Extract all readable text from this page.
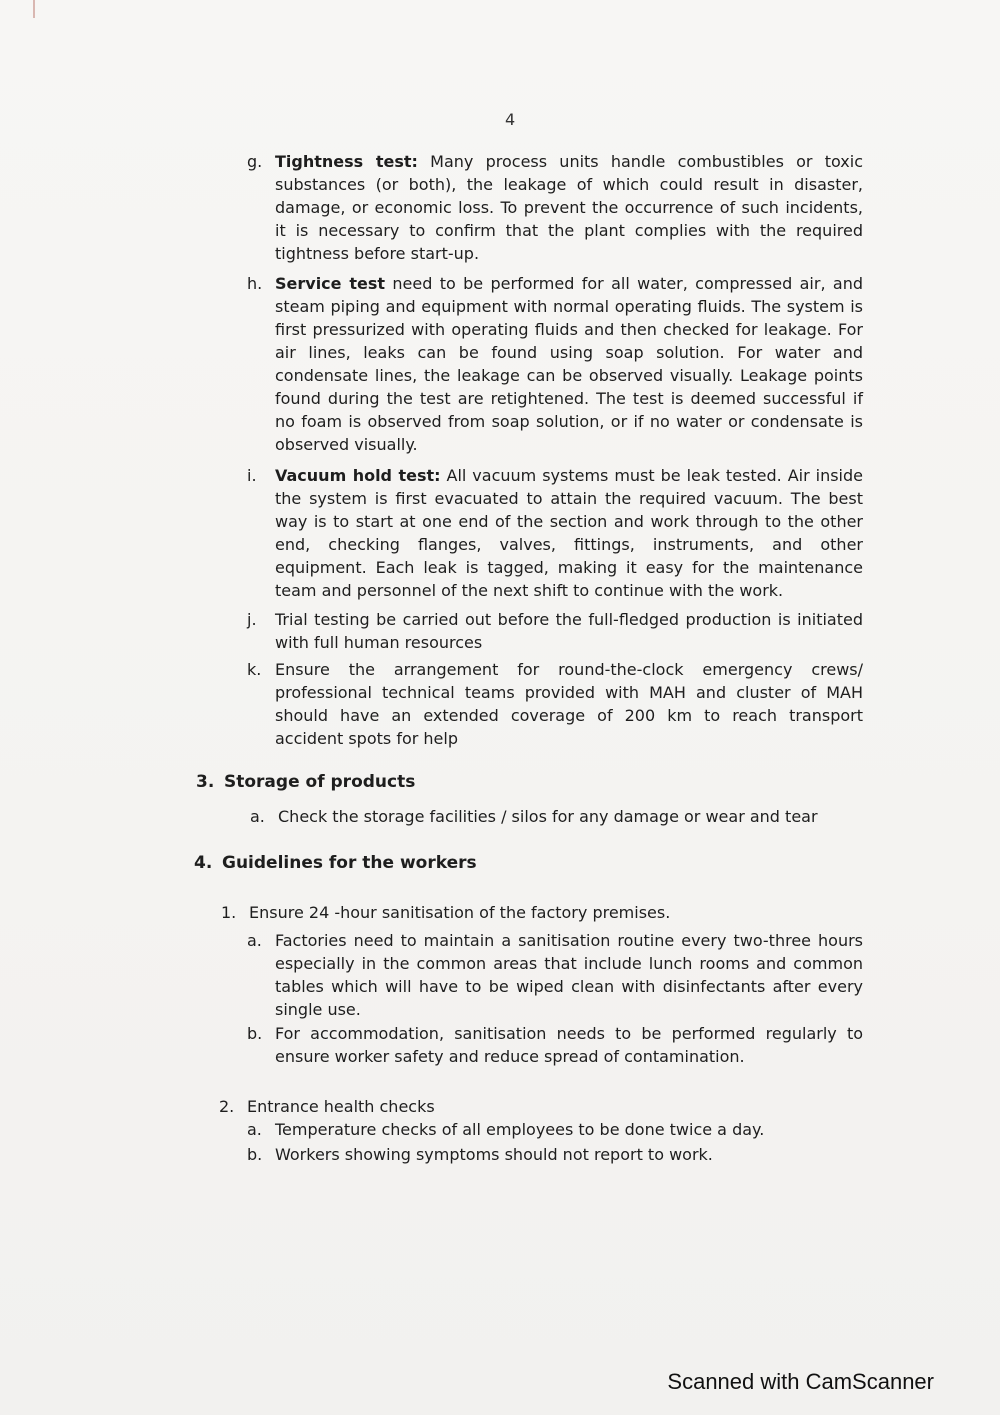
4
g. Tightness test: Many process units handle combustibles or toxic substances (or both), the leakage of which could result in disaster, damage, or economic loss. To prevent the occurrence of such incidents, it is necessary to confirm that the plant complies with the required tightness before start-up.
h. Service test need to be performed for all water, compressed air, and steam piping and equipment with normal operating fluids. The system is first pressurized with operating fluids and then checked for leakage. For air lines, leaks can be found using soap solution. For water and condensate lines, the leakage can be observed visually. Leakage points found during the test are retightened. The test is deemed successful if no foam is observed from soap solution, or if no water or condensate is observed visually.
i.	Vacuum hold test: All vacuum systems must be leak tested. Air inside the system is first evacuated to attain the required vacuum. The best way is to start at one end of the section and work through to the other end, checking flanges, valves, fittings, instruments, and other equipment. Each leak is tagged, making it easy for the maintenance team and personnel of the next shift to continue with the work.
j.	Trial testing be carried out before the full-fledged production is initiated with full human resources
k. Ensure the arrangement for round-the-clock emergency crews/ professional technical teams provided with MAH and cluster of MAH should have an extended coverage of 200 km to reach transport accident spots for help
3. Storage of products
a. Check the storage facilities / silos for any damage or wear and tear
4. Guidelines for the workers
1. Ensure 24 -hour sanitisation of the factory premises.
a. Factories need to maintain a sanitisation routine every two-three hours especially in the common areas that include lunch rooms and common tables which will have to be wiped clean with disinfectants after every single use.
b. For accommodation, sanitisation needs to be performed regularly to ensure worker safety and reduce spread of contamination.
2. Entrance health checks
a. Temperature checks of all employees to be done twice a day.
b. Workers showing symptoms should not report to work.
Scanned with CamScanner
